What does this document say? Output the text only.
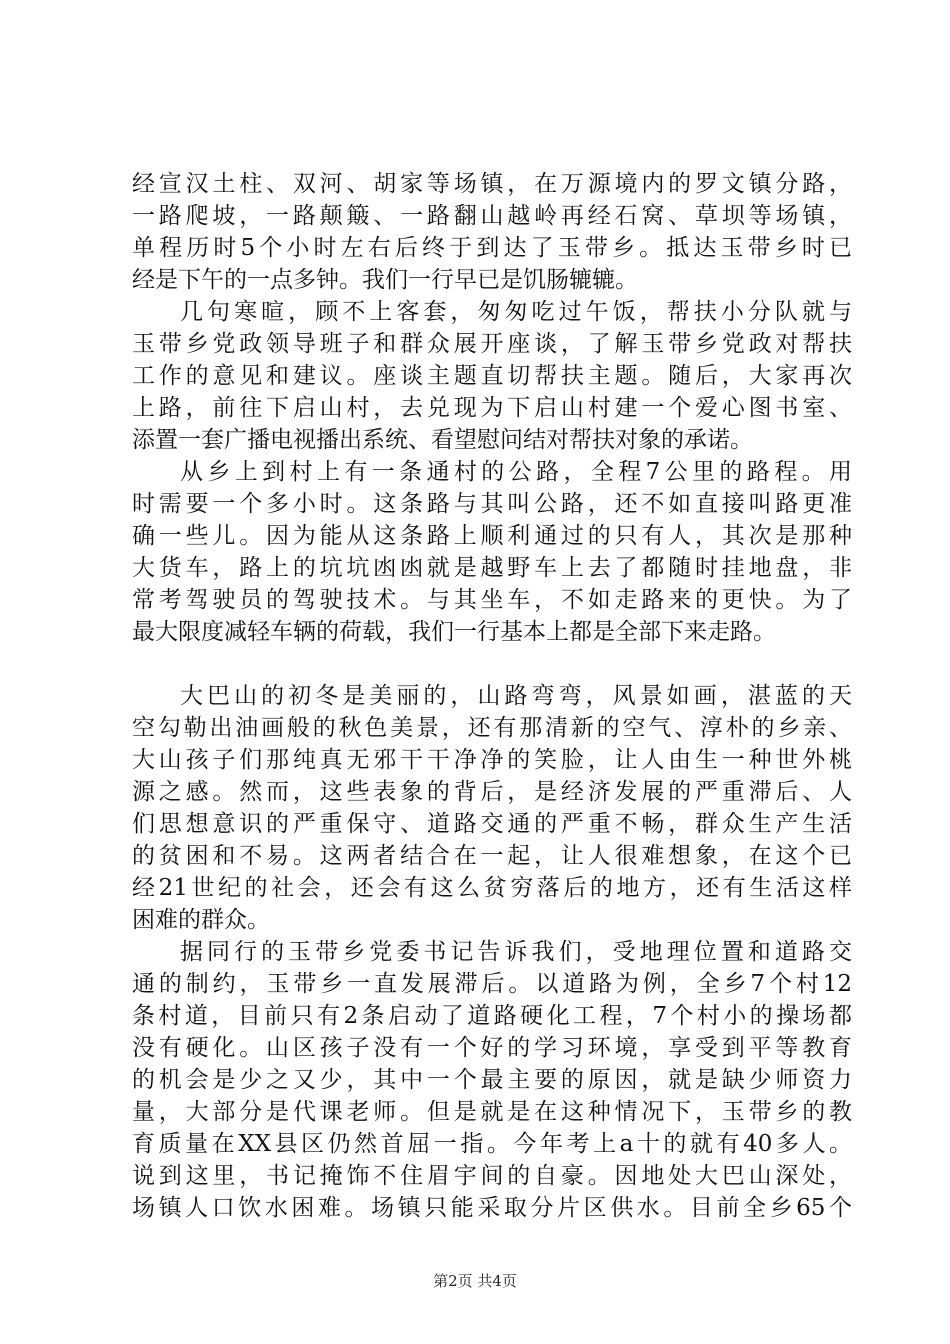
经宣汉土柱、双河、胡家等场镇，在万源境内的罗文镇分路，
一路爬坡，一路颠簸、一路翻山越岭再经石窝、草坝等场镇，
单程历时5个小时左右后终于到达了玉带乡。抵达玉带乡时已
经是下午的一点多钟。我们一行早已是饥肠辘辘。
几句寒暄，顾不上客套，匆匆吃过午饭，帮扶小分队就与
玉带乡党政领导班子和群众展开座谈，了解玉带乡党政对帮扶
工作的意见和建议。座谈主题直切帮扶主题。随后，大家再次
上路，前往下启山村，去兑现为下启山村建一个爱心图书室、
添置一套广播电视播出系统、看望慰问结对帮扶对象的承诺。
从乡上到村上有一条通村的公路，全程7公里的路程。用
时需要一个多小时。这条路与其叫公路，还不如直接叫路更准
确一些儿。因为能从这条路上顺利通过的只有人，其次是那种
大货车，路上的坑坑凼凼就是越野车上去了都随时挂地盘，非
常考驾驶员的驾驶技术。与其坐车，不如走路来的更快。为了
最大限度减轻车辆的荷载，我们一行基本上都是全部下来走路。
大巴山的初冬是美丽的，山路弯弯，风景如画，湛蓝的天
空勾勒出油画般的秋色美景，还有那清新的空气、淳朴的乡亲、
大山孩子们那纯真无邪干干净净的笑脸，让人由生一种世外桃
源之感。然而，这些表象的背后，是经济发展的严重滞后、人
们思想意识的严重保守、道路交通的严重不畅，群众生产生活
的贫困和不易。这两者结合在一起，让人很难想象，在这个已
经21世纪的社会，还会有这么贫穷落后的地方，还有生活这样
困难的群众。
据同行的玉带乡党委书记告诉我们，受地理位置和道路交
通的制约，玉带乡一直发展滞后。以道路为例，全乡7个村12
条村道，目前只有2条启动了道路硬化工程，7个村小的操场都
没有硬化。山区孩子没有一个好的学习环境，享受到平等教育
的机会是少之又少，其中一个最主要的原因，就是缺少师资力
量，大部分是代课老师。但是就是在这种情况下，玉带乡的教
育质量在XX县区仍然首屈一指。今年考上a十的就有40多人。
说到这里，书记掩饰不住眉宇间的自豪。因地处大巴山深处，
场镇人口饮水困难。场镇只能采取分片区供水。目前全乡65个
第2页 共4页
